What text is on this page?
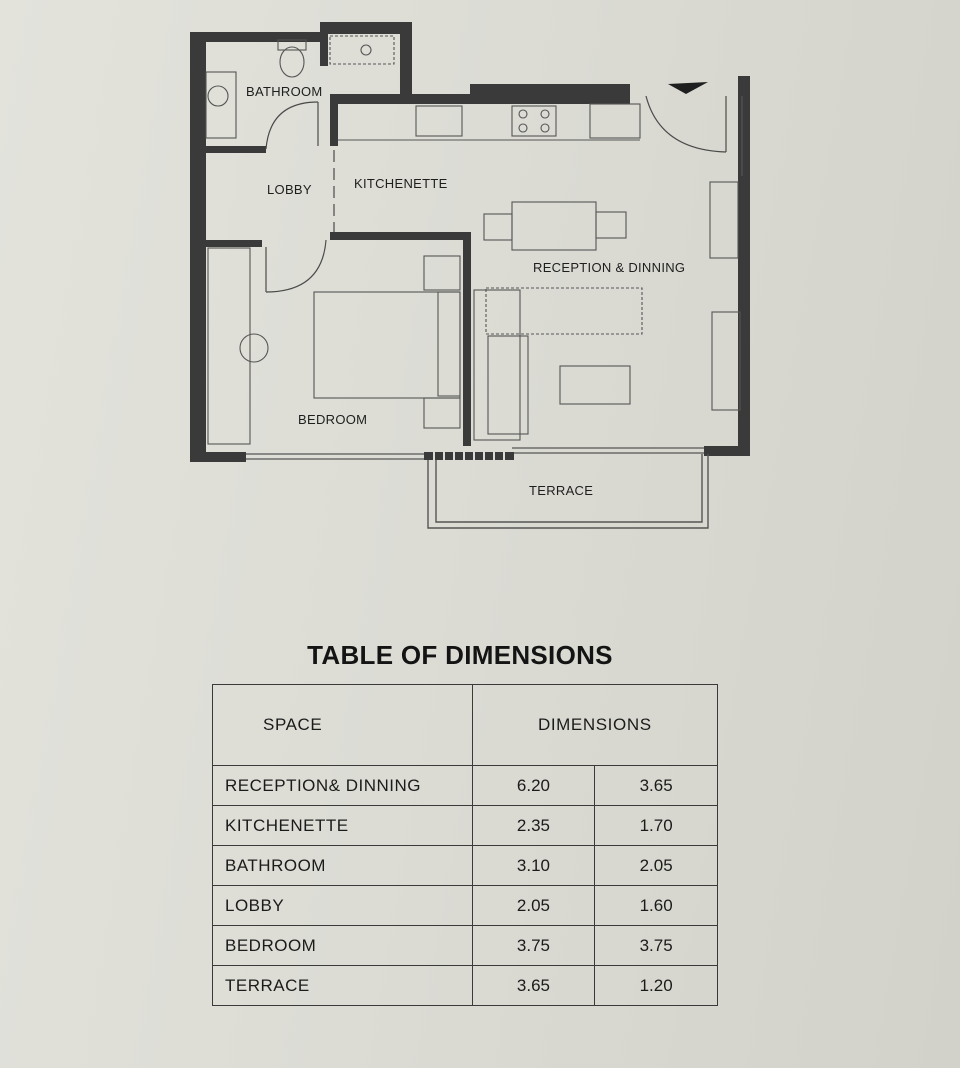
BATHROOM
LOBBY	KITCHENETTE
RECEPTION & DINNING
BEDROOM
TERRACE
TABLE OF DIMENSIONS
SPACE	DIMENSIONS	
RECEPTION& DINNING	6.20	3.65
KITCHENETTE	2.35	1.70
BATHROOM	3.10	2.05
LOBBY	2.05	1.60
BEDROOM	3.75	3.75
TERRACE	3.65	1.20
